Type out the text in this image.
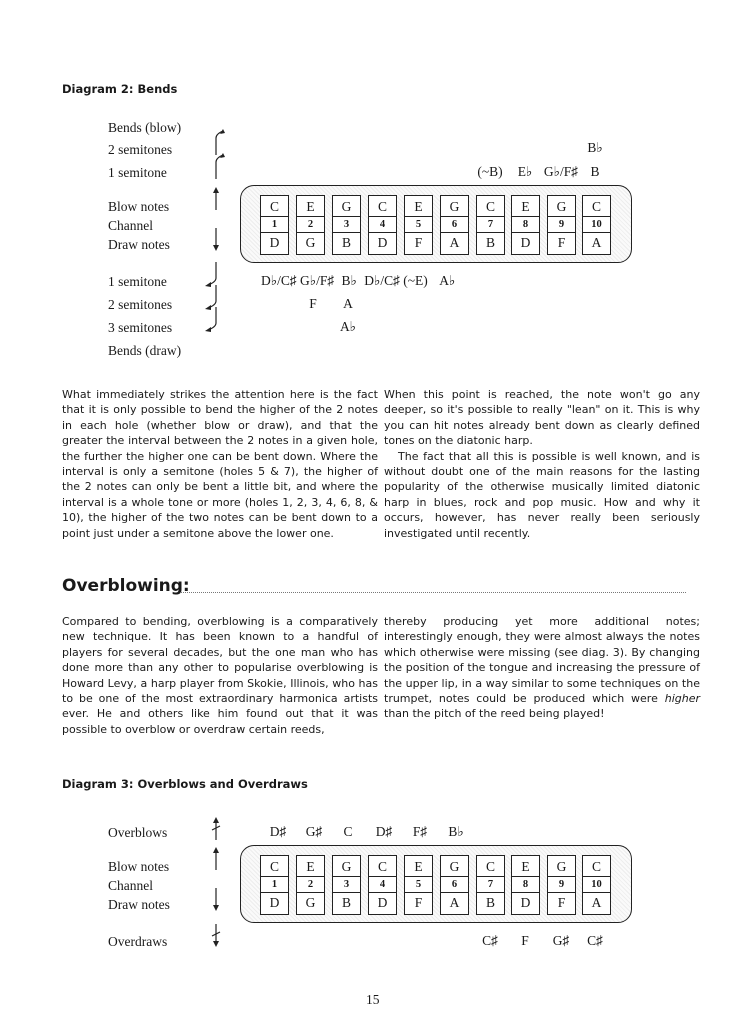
Diagram 2: Bends
Bends (blow)
2 semitones
1 semitone
Blow notes
Channel
Draw notes
1 semitone
2 semitones
3 semitones
Bends (draw)
B♭
(~B) E♭ G♭/F♯ B
C
1
D
E
2
G
G
3
B
C
4
D
E
5
F
G
6
A
C
7
B
E
8
D
G
9
F
C
10
A
D♭/C♯ G♭/F♯ B♭ D♭/C♯ (~E) A♭
F A
A♭

What immediately strikes the attention here is the fact that it is only possible to bend the higher of the 2 notes in each hole (whether blow or draw), and that the greater the interval between the 2 notes in a given hole, the further the higher one can be bent down. Where the interval is only a semitone (holes 5 & 7), the higher of the 2 notes can only be bent a little bit, and where the interval is a whole tone or more (holes 1, 2, 3, 4, 6, 8, & 10), the higher of the two notes can be bent down to a point just under a semitone above the lower one.

When this point is reached, the note won't go any deeper, so it's possible to really "lean" on it. This is why you can hit notes already bent down as clearly defined tones on the diatonic harp.

The fact that all this is possible is well known, and is without doubt one of the main reasons for the lasting popularity of the otherwise musically limited diatonic harp in blues, rock and pop music. How and why it occurs, however, has never really been seriously investigated until recently.

Overblowing:

Compared to bending, overblowing is a comparatively new technique. It has been known to a handful of players for several decades, but the one man who has done more than any other to popularise overblowing is Howard Levy, a harp player from Skokie, Illinois, who has to be one of the most extraordinary harmonica artists ever. He and others like him found out that it was possible to overblow or overdraw certain reeds,

thereby producing yet more additional notes; interestingly enough, they were almost always the notes which otherwise were missing (see diag. 3). By changing the position of the tongue and increasing the pressure of the upper lip, in a way similar to some techniques on the trumpet, notes could be produced which were higher than the pitch of the reed being played!

Diagram 3: Overblows and Overdraws
Overblows
Blow notes
Channel
Draw notes
Overdraws
D♯ G♯ C D♯ F♯ B♭
C
1
D
E
2
G
G
3
B
C
4
D
E
5
F
G
6
A
C
7
B
E
8
D
G
9
F
C
10
A
C♯ F G♯ C♯
15
